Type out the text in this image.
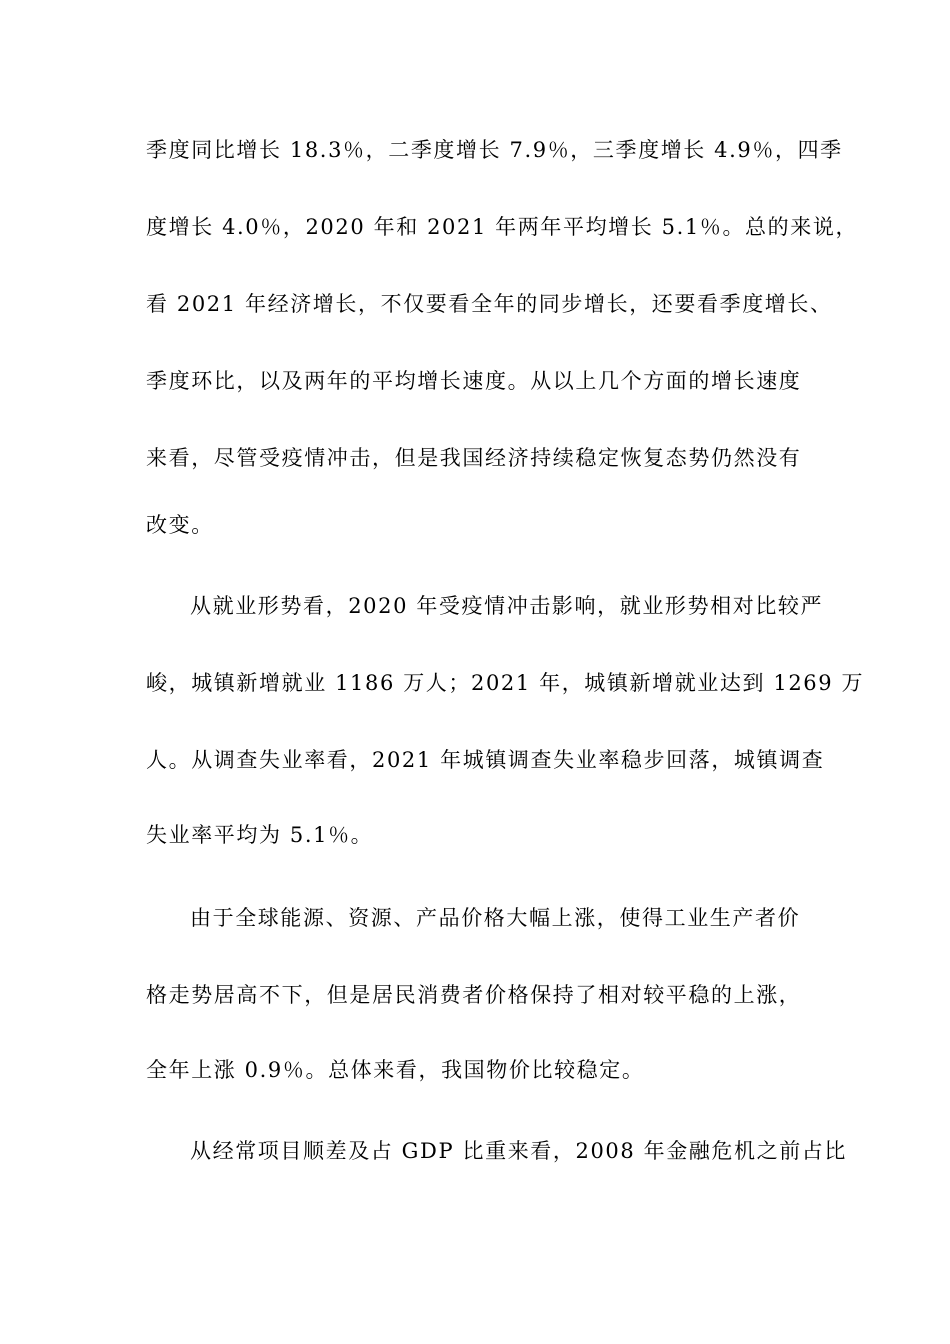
季度同比增长 18.3％，二季度增长 7.9％，三季度增长 4.9％，四季
度增长 4.0％，2020 年和 2021 年两年平均增长 5.1％。总的来说，
看 2021 年经济增长，不仅要看全年的同步增长，还要看季度增长、
季度环比，以及两年的平均增长速度。从以上几个方面的增长速度
来看，尽管受疫情冲击，但是我国经济持续稳定恢复态势仍然没有
改变。
从就业形势看，2020 年受疫情冲击影响，就业形势相对比较严
峻，城镇新增就业 1186 万人；2021 年，城镇新增就业达到 1269 万
人。从调查失业率看，2021 年城镇调查失业率稳步回落，城镇调查
失业率平均为 5.1％。
由于全球能源、资源、产品价格大幅上涨，使得工业生产者价
格走势居高不下，但是居民消费者价格保持了相对较平稳的上涨，
全年上涨 0.9％。总体来看，我国物价比较稳定。
从经常项目顺差及占 GDP 比重来看，2008 年金融危机之前占比
